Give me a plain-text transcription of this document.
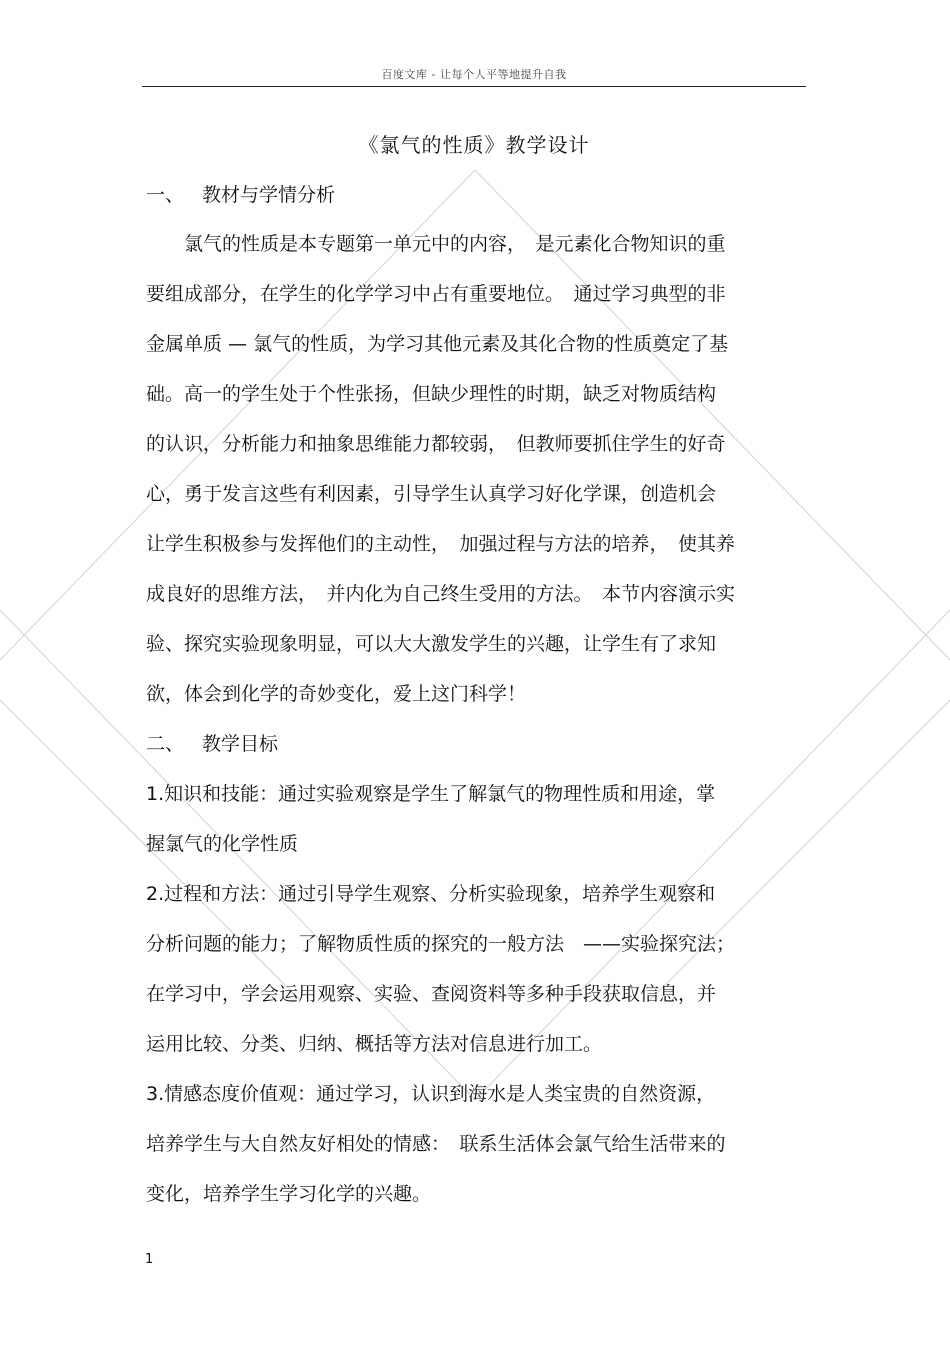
百度文库 - 让每个人平等地提升自我
《氯气的性质》教学设计
一、 教材与学情分析
　　氯气的性质是本专题第一单元中的内容，　是元素化合物知识的重
要组成部分，在学生的化学学习中占有重要地位。　通过学习典型的非
金属单质 — 氯气的性质，为学习其他元素及其化合物的性质奠定了基
础。高一的学生处于个性张扬，但缺少理性的时期，缺乏对物质结构
的认识，分析能力和抽象思维能力都较弱，　但教师要抓住学生的好奇
心，勇于发言这些有利因素，引导学生认真学习好化学课，创造机会
让学生积极参与发挥他们的主动性，　加强过程与方法的培养，　使其养
成良好的思维方法，　并内化为自己终生受用的方法。　本节内容演示实
验、探究实验现象明显，可以大大激发学生的兴趣，让学生有了求知
欲，体会到化学的奇妙变化，爱上这门科学！
二、 教学目标
1.知识和技能：通过实验观察是学生了解氯气的物理性质和用途，掌
握氯气的化学性质
2.过程和方法：通过引导学生观察、分析实验现象，培养学生观察和
分析问题的能力；了解物质性质的探究的一般方法　——实验探究法；
在学习中，学会运用观察、实验、查阅资料等多种手段获取信息，并
运用比较、分类、归纳、概括等方法对信息进行加工。
3.情感态度价值观：通过学习，认识到海水是人类宝贵的自然资源，
培养学生与大自然友好相处的情感：　联系生活体会氯气给生活带来的
变化，培养学生学习化学的兴趣。
1
